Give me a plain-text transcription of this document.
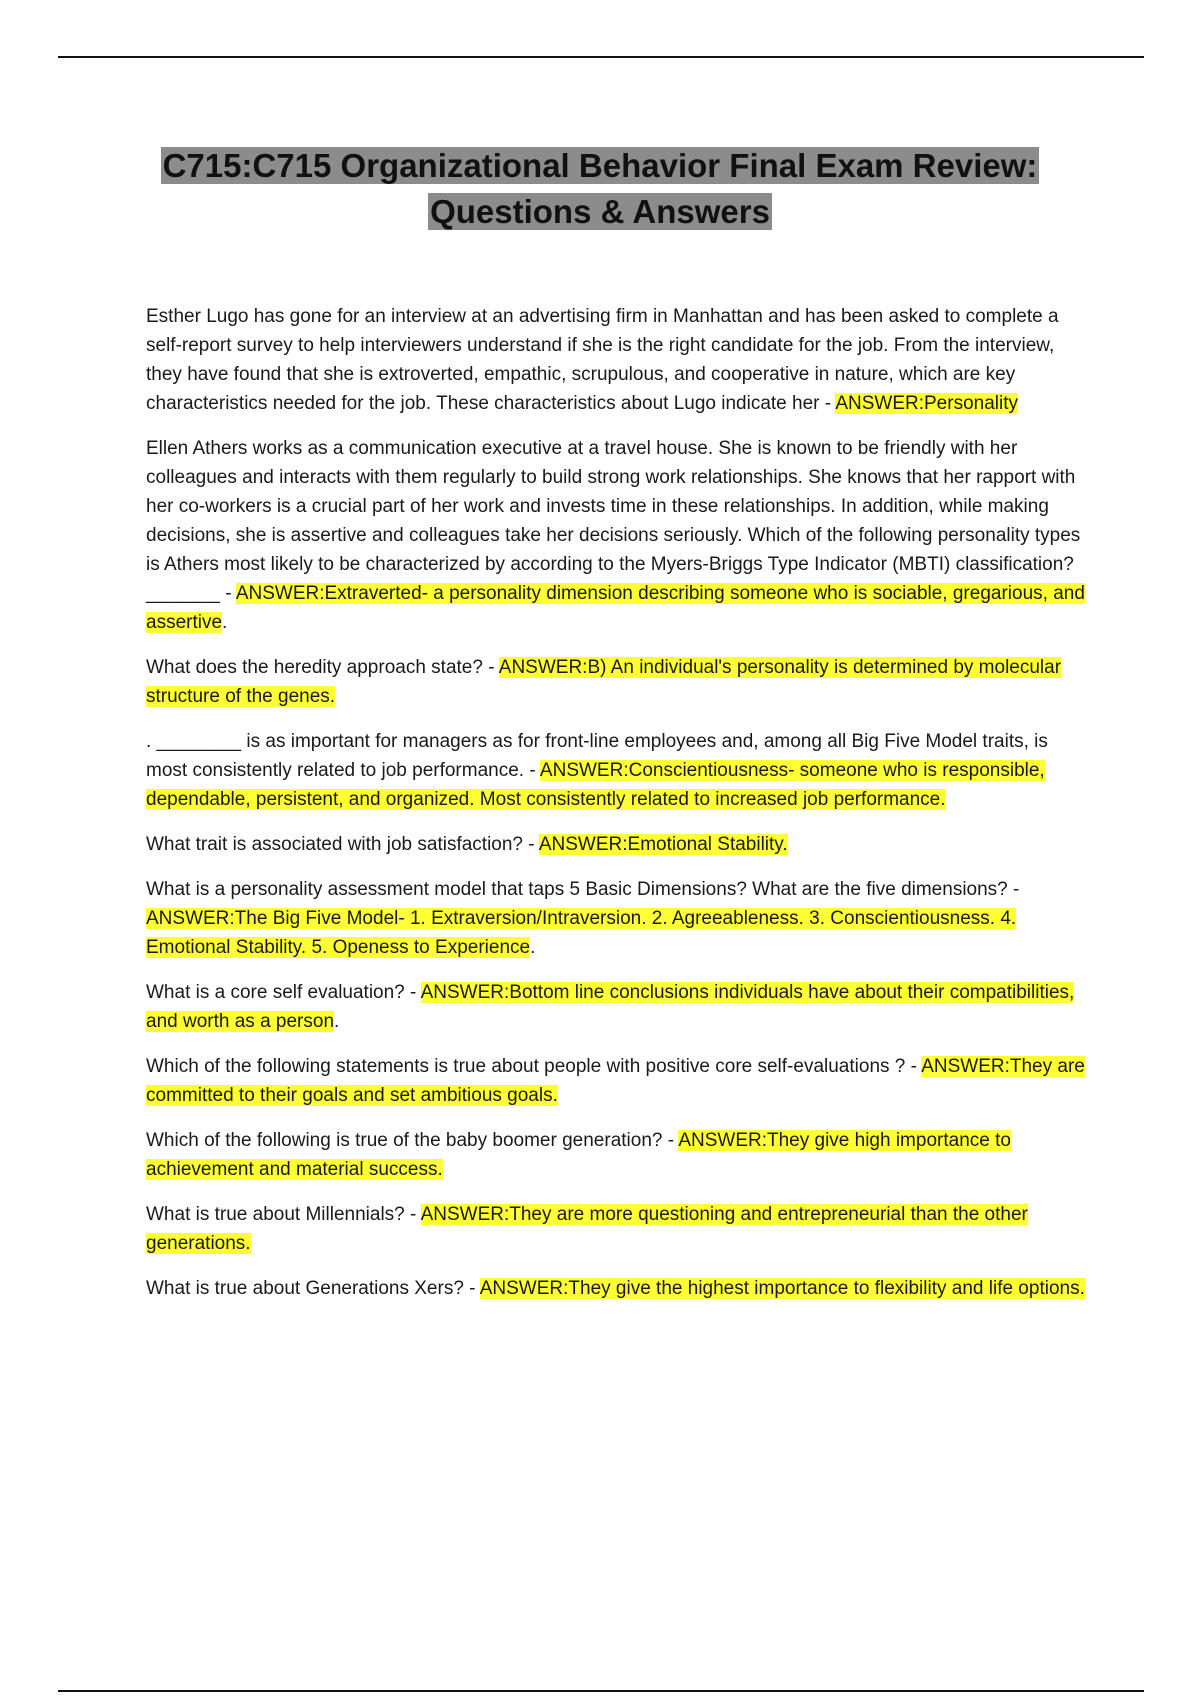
C715:C715 Organizational Behavior Final Exam Review:
Questions & Answers

Esther Lugo has gone for an interview at an advertising firm in Manhattan and has been asked to complete a self-report survey to help interviewers understand if she is the right candidate for the job. From the interview, they have found that she is extroverted, empathic, scrupulous, and cooperative in nature, which are key characteristics needed for the job. These characteristics about Lugo indicate her - ANSWER:Personality

Ellen Athers works as a communication executive at a travel house. She is known to be friendly with her colleagues and interacts with them regularly to build strong work relationships. She knows that her rapport with her co-workers is a crucial part of her work and invests time in these relationships. In addition, while making decisions, she is assertive and colleagues take her decisions seriously. Which of the following personality types is Athers most likely to be characterized by according to the Myers-Briggs Type Indicator (MBTI) classification? _______ - ANSWER:Extraverted- a personality dimension describing someone who is sociable, gregarious, and assertive.

What does the heredity approach state? - ANSWER:B) An individual's personality is determined by molecular structure of the genes.

. ________ is as important for managers as for front-line employees and, among all Big Five Model traits, is most consistently related to job performance. - ANSWER:Conscientiousness- someone who is responsible, dependable, persistent, and organized. Most consistently related to increased job performance.

What trait is associated with job satisfaction? - ANSWER:Emotional Stability.

What is a personality assessment model that taps 5 Basic Dimensions? What are the five dimensions? - ANSWER:The Big Five Model- 1. Extraversion/Intraversion. 2. Agreeableness. 3. Conscientiousness. 4. Emotional Stability. 5. Openess to Experience.

What is a core self evaluation? - ANSWER:Bottom line conclusions individuals have about their compatibilities, and worth as a person.

Which of the following statements is true about people with positive core self-evaluations ? - ANSWER:They are committed to their goals and set ambitious goals.

Which of the following is true of the baby boomer generation? - ANSWER:They give high importance to achievement and material success.

What is true about Millennials? - ANSWER:They are more questioning and entrepreneurial than the other generations.

What is true about Generations Xers? - ANSWER:They give the highest importance to flexibility and life options.
